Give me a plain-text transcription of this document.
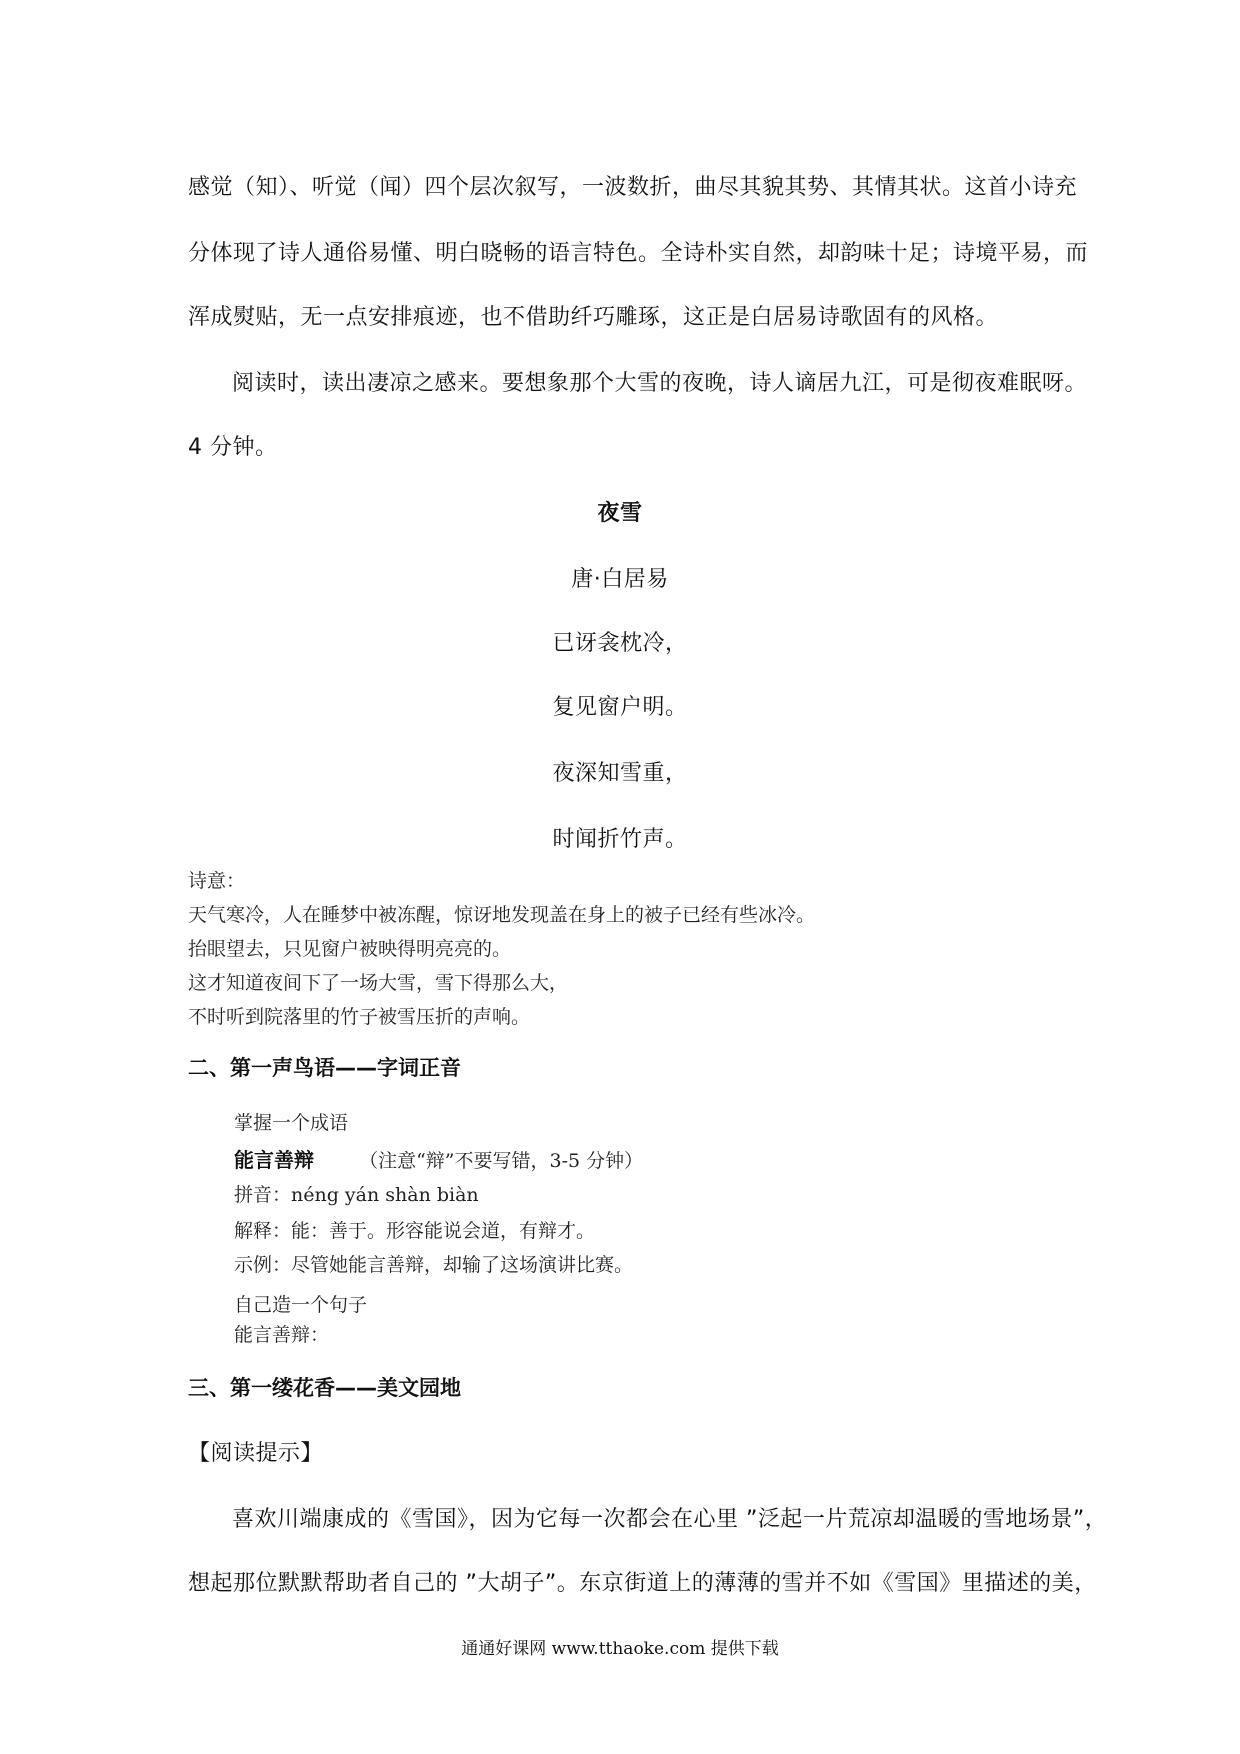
感觉（知）、听觉（闻）四个层次叙写，一波数折，曲尽其貌其势、其情其状。这首小诗充
分体现了诗人通俗易懂、明白晓畅的语言特色。全诗朴实自然，却韵味十足；诗境平易，而
浑成熨贴，无一点安排痕迹，也不借助纤巧雕琢，这正是白居易诗歌固有的风格。
阅读时，读出凄凉之感来。要想象那个大雪的夜晚，诗人谪居九江，可是彻夜难眠呀。
4 分钟。
夜雪
唐·白居易
已讶衾枕冷，
复见窗户明。
夜深知雪重，
时闻折竹声。
诗意：
天气寒冷，人在睡梦中被冻醒，惊讶地发现盖在身上的被子已经有些冰冷。
抬眼望去，只见窗户被映得明亮亮的。
这才知道夜间下了一场大雪，雪下得那么大，
不时听到院落里的竹子被雪压折的声响。
二、第一声鸟语——字词正音
掌握一个成语
能言善辩 （注意“辩”不要写错，3-5 分钟）
拼音：néng yán shàn biàn
解释：能：善于。形容能说会道，有辩才。
示例：尽管她能言善辩，却输了这场演讲比赛。
自己造一个句子
能言善辩：
三、第一缕花香——美文园地
【阅读提示】
喜欢川端康成的《雪国》，因为它每一次都会在心里 ”泛起一片荒凉却温暖的雪地场景”，
想起那位默默帮助者自己的 ”大胡子”。东京街道上的薄薄的雪并不如《雪国》里描述的美，
通通好课网 www.tthaoke.com 提供下载
